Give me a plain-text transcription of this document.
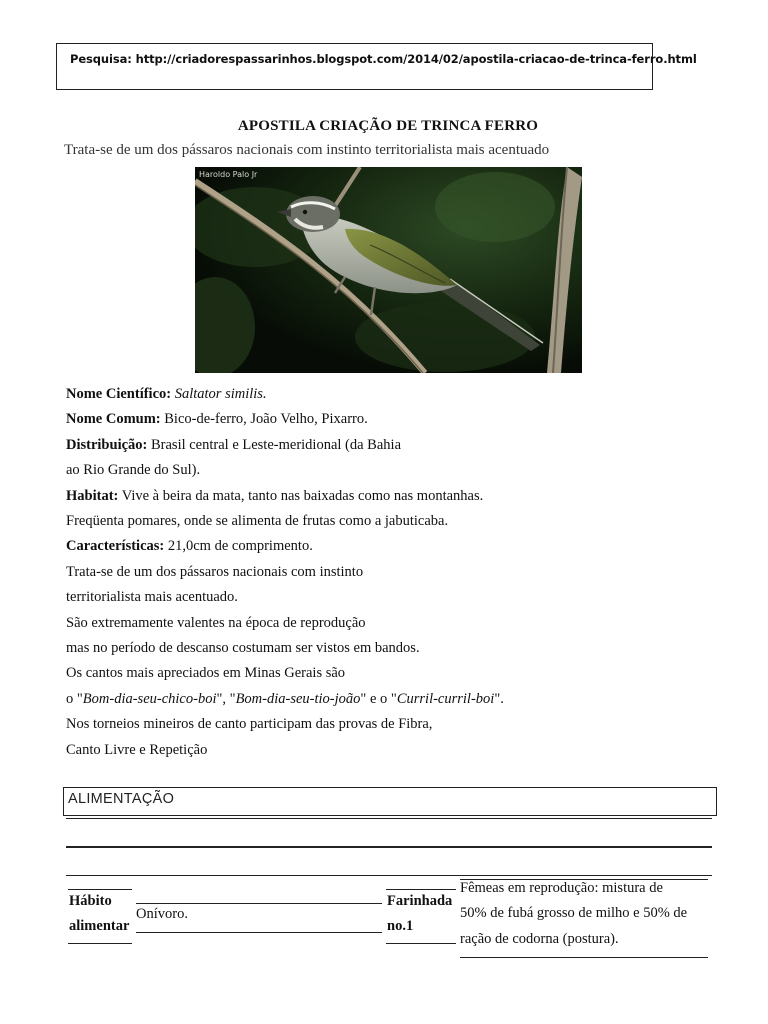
Pesquisa: http://criadorespassarinhos.blogspot.com/2014/02/apostila-criacao-de-trinca-ferro.html
APOSTILA CRIAÇÃO DE TRINCA FERRO
Trata-se de um dos pássaros nacionais com instinto territorialista mais acentuado
Haroldo Palo Jr

Nome Científico: Saltator similis.

Nome Comum: Bico-de-ferro, João Velho, Pixarro.

Distribuição: Brasil central e Leste-meridional (da Bahia

ao Rio Grande do Sul).

Habitat: Vive à beira da mata, tanto nas baixadas como nas montanhas.

Freqüenta pomares, onde se alimenta de frutas como a jabuticaba.

Características: 21,0cm de comprimento.

Trata-se de um dos pássaros nacionais com instinto

territorialista mais acentuado.

São extremamente valentes na época de reprodução

mas no período de descanso costumam ser vistos em bandos.

Os cantos mais apreciados em Minas Gerais são

o "Bom-dia-seu-chico-boi", "Bom-dia-seu-tio-joão" e o "Curril-curril-boi".

Nos torneios mineiros de canto participam das provas de Fibra,

Canto Livre e Repetição

ALIMENTAÇÃO
Hábito
alimentar
Onívoro.
Farinhada
no.1
Fêmeas em reprodução: mistura de
50% de fubá grosso de milho e 50% de
ração de codorna (postura).
